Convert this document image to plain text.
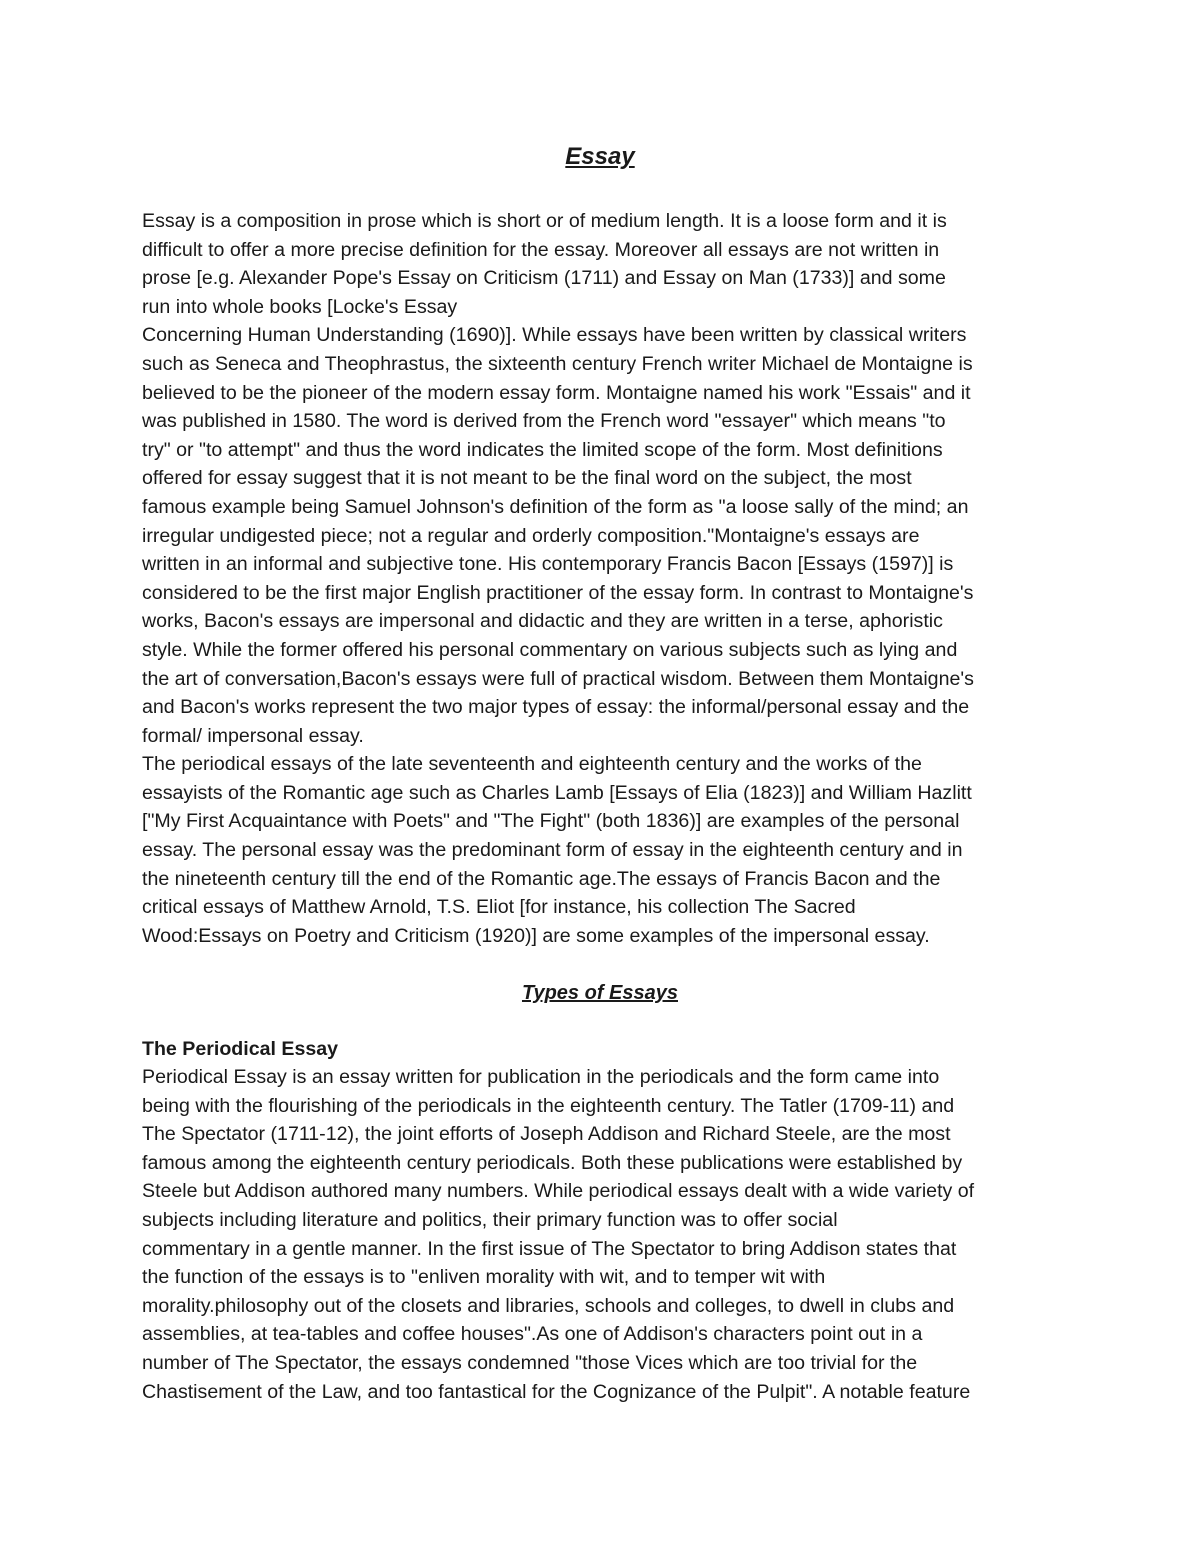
Essay
Essay is a composition in prose which is short or of medium length. It is a loose form and it is
difficult to offer a more precise definition for the essay. Moreover all essays are not written in
prose [e.g. Alexander Pope's Essay on Criticism (1711) and Essay on Man (1733)] and some
run into whole books [Locke's Essay
Concerning Human Understanding (1690)]. While essays have been written by classical writers
such as Seneca and Theophrastus, the sixteenth century French writer Michael de Montaigne is
believed to be the pioneer of the modern essay form. Montaigne named his work "Essais" and it
was published in 1580. The word is derived from the French word "essayer" which means "to
try" or "to attempt" and thus the word indicates the limited scope of the form. Most definitions
offered for essay suggest that it is not meant to be the final word on the subject, the most
famous example being Samuel Johnson's definition of the form as "a loose sally of the mind; an
irregular undigested piece; not a regular and orderly composition."Montaigne's essays are
written in an informal and subjective tone. His contemporary Francis Bacon [Essays (1597)] is
considered to be the first major English practitioner of the essay form. In contrast to Montaigne's
works, Bacon's essays are impersonal and didactic and they are written in a terse, aphoristic
style. While the former offered his personal commentary on various subjects such as lying and
the art of conversation,Bacon's essays were full of practical wisdom. Between them Montaigne's
and Bacon's works represent the two major types of essay: the informal/personal essay and the
formal/ impersonal essay.
The periodical essays of the late seventeenth and eighteenth century and the works of the
essayists of the Romantic age such as Charles Lamb [Essays of Elia (1823)] and William Hazlitt
["My First Acquaintance with Poets" and "The Fight" (both 1836)] are examples of the personal
essay. The personal essay was the predominant form of essay in the eighteenth century and in
the nineteenth century till the end of the Romantic age.The essays of Francis Bacon and the
critical essays of Matthew Arnold, T.S. Eliot [for instance, his collection The Sacred
Wood:Essays on Poetry and Criticism (1920)] are some examples of the impersonal essay.
Types of Essays
The Periodical Essay
Periodical Essay is an essay written for publication in the periodicals and the form came into
being with the flourishing of the periodicals in the eighteenth century. The Tatler (1709-11) and
The Spectator (1711-12), the joint efforts of Joseph Addison and Richard Steele, are the most
famous among the eighteenth century periodicals. Both these publications were established by
Steele but Addison authored many numbers. While periodical essays dealt with a wide variety of
subjects including literature and politics, their primary function was to offer social
commentary in a gentle manner. In the first issue of The Spectator to bring Addison states that
the function of the essays is to "enliven morality with wit, and to temper wit with
morality.philosophy out of the closets and libraries, schools and colleges, to dwell in clubs and
assemblies, at tea-tables and coffee houses".As one of Addison's characters point out in a
number of The Spectator, the essays condemned "those Vices which are too trivial for the
Chastisement of the Law, and too fantastical for the Cognizance of the Pulpit". A notable feature
